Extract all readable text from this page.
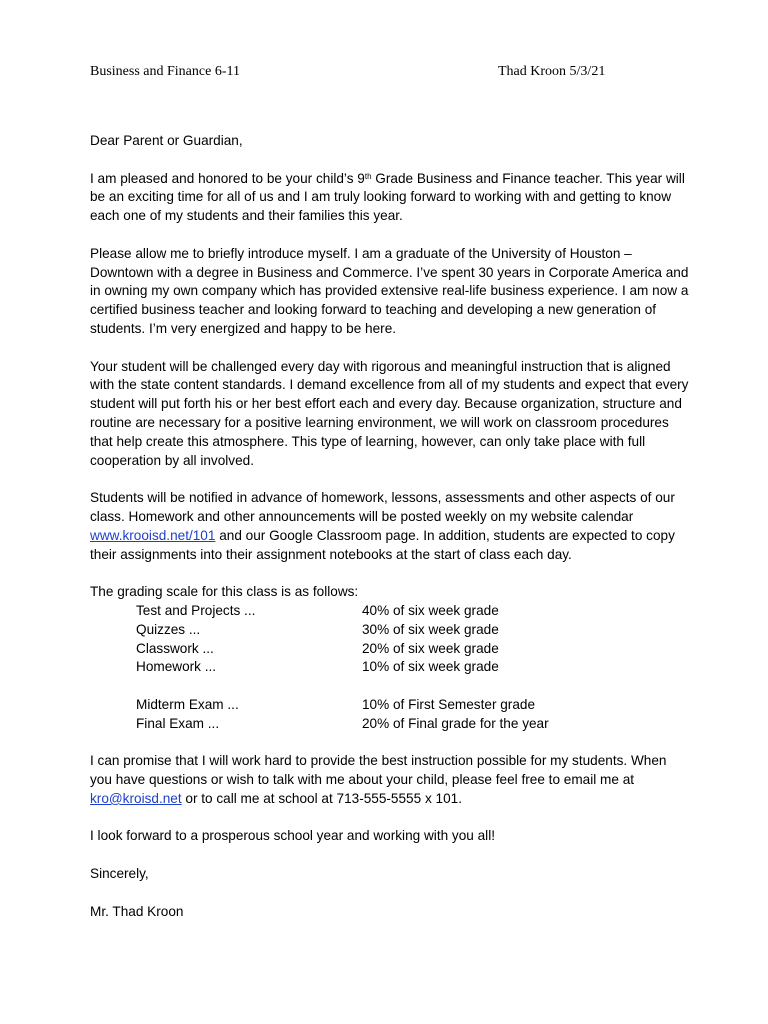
Business and Finance 6-11	Thad Kroon 5/3/21

Dear Parent or Guardian,

I am pleased and honored to be your child’s 9th Grade Business and Finance teacher. This year will be an exciting time for all of us and I am truly looking forward to working with and getting to know each one of my students and their families this year.

Please allow me to briefly introduce myself. I am a graduate of the University of Houston – Downtown with a degree in Business and Commerce. I’ve spent 30 years in Corporate America and in owning my own company which has provided extensive real-life business experience. I am now a certified business teacher and looking forward to teaching and developing a new generation of students. I’m very energized and happy to be here.

Your student will be challenged every day with rigorous and meaningful instruction that is aligned with the state content standards. I demand excellence from all of my students and expect that every student will put forth his or her best effort each and every day. Because organization, structure and routine are necessary for a positive learning environment, we will work on classroom procedures that help create this atmosphere. This type of learning, however, can only take place with full cooperation by all involved.

Students will be notified in advance of homework, lessons, assessments and other aspects of our class. Homework and other announcements will be posted weekly on my website calendar www.krooisd.net/101 and our Google Classroom page. In addition, students are expected to copy their assignments into their assignment notebooks at the start of class each day.

The grading scale for this class is as follows:

Test and Projects ...	40% of six week grade
Quizzes ...	30% of six week grade
Classwork ...	20% of six week grade
Homework ...	10% of six week grade
Midterm Exam ...	10% of First Semester grade
Final Exam ...	20% of Final grade for the year

I can promise that I will work hard to provide the best instruction possible for my students. When you have questions or wish to talk with me about your child, please feel free to email me at kro@kroisd.net or to call me at school at 713-555-5555 x 101.

I look forward to a prosperous school year and working with you all!

Sincerely,

Mr. Thad Kroon
